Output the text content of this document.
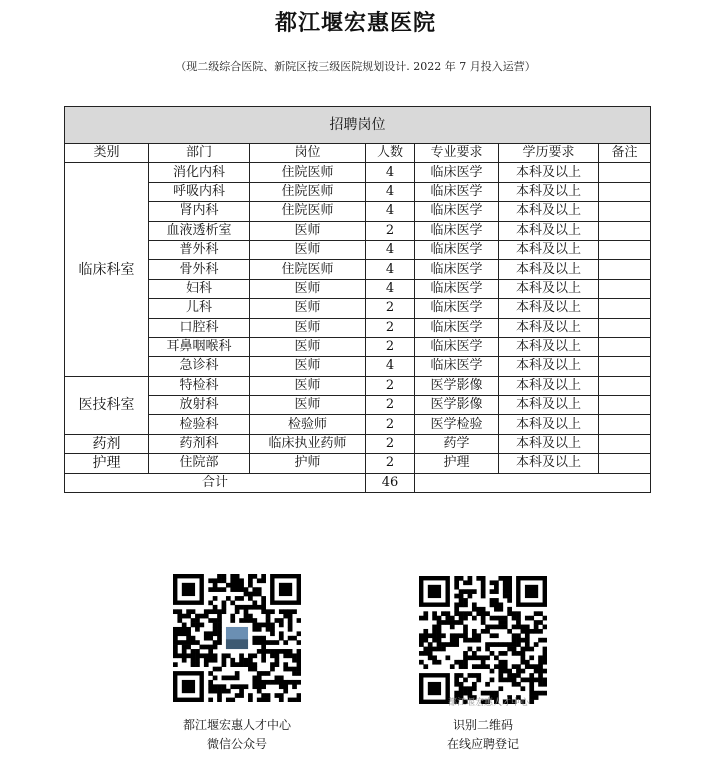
都江堰宏惠医院
（现二级综合医院、新院区按三级医院规划设计. 2022 年 7 月投入运营）
招聘岗位						
类别	部门	岗位	人数	专业要求	学历要求	备注
临床科室	消化内科	住院医师	4	临床医学	本科及以上	
	呼吸内科	住院医师	4	临床医学	本科及以上	
	肾内科	住院医师	4	临床医学	本科及以上	
	血液透析室	医师	2	临床医学	本科及以上	
	普外科	医师	4	临床医学	本科及以上	
	骨外科	住院医师	4	临床医学	本科及以上	
	妇科	医师	4	临床医学	本科及以上	
	儿科	医师	2	临床医学	本科及以上	
	口腔科	医师	2	临床医学	本科及以上	
	耳鼻咽喉科	医师	2	临床医学	本科及以上	
	急诊科	医师	4	临床医学	本科及以上	
医技科室	特检科	医师	2	医学影像	本科及以上	
	放射科	医师	2	医学影像	本科及以上	
	检验科	检验师	2	医学检验	本科及以上	
药剂	药剂科	临床执业药师	2	药学	本科及以上	
护理	住院部	护师	2	护理	本科及以上	
合计			46			
都江堰宏惠人才中心
微信公众号
识别二维码
在线应聘登记
都江堰宏惠人才中心
